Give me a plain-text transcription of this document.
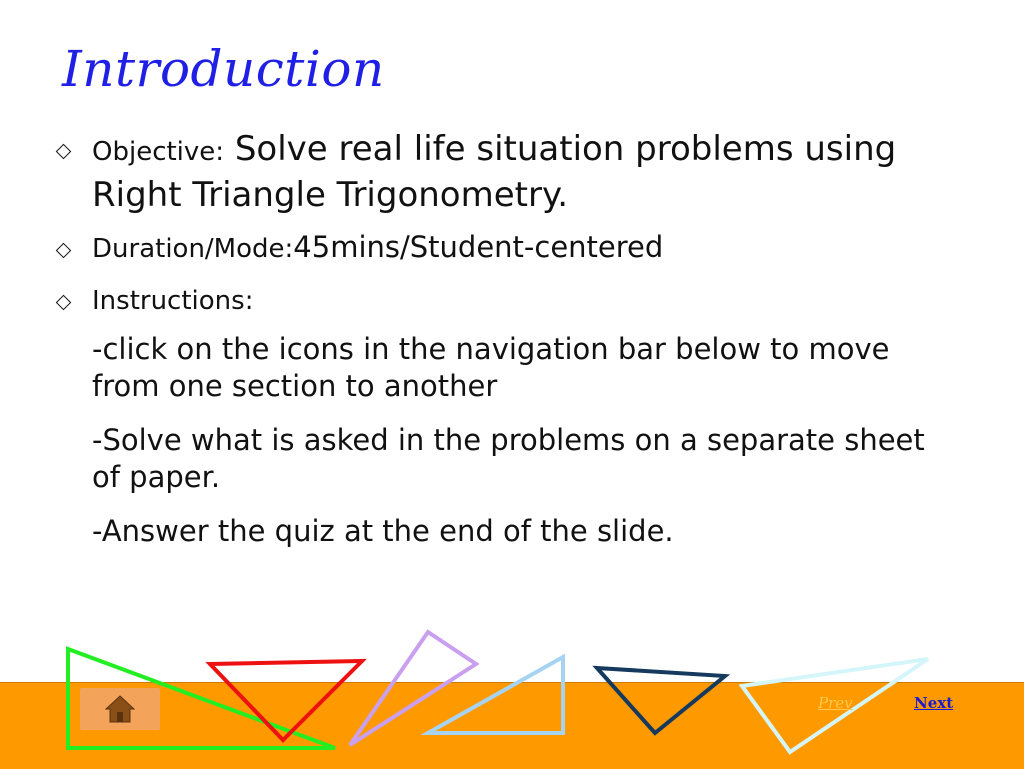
Introduction
Objective: Solve real life situation problems using Right Triangle Trigonometry.
Duration/Mode:45mins/Student-centered
Instructions:
-click on the icons in the navigation bar below to move from one section to another
-Solve what is asked in the problems on a separate sheet of paper.
-Answer the quiz at the end of the slide.
Prev	Next
